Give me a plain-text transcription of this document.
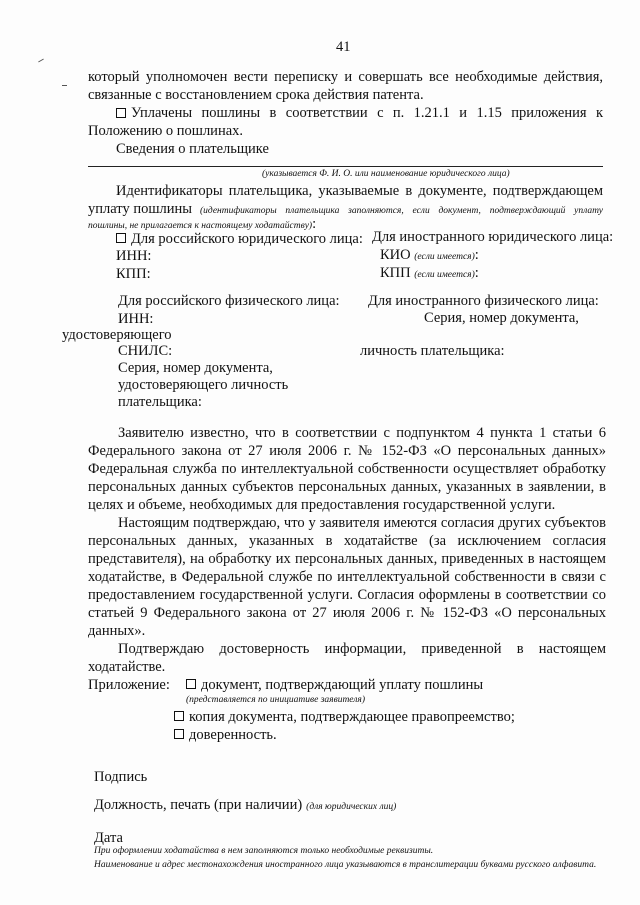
41
который уполномочен вести переписку и совершать все необходимые действия,
связанные с восстановлением срока действия патента.
Уплачены пошлины в соответствии с п. 1.21.1 и 1.15 приложения к
Положению о пошлинах.
Сведения о плательщике
(указывается Ф. И. О. или наименование юридического лица)
Идентификаторы плательщика, указываемые в документе, подтверждающем
уплату пошлины (идентификаторы плательщика заполняются, если документ, подтверждающий уплату
пошлины, не прилагается к настоящему ходатайству):
Для российского юридического лица:
ИНН:
КПП:
Для иностранного юридического лица:
КИО (если имеется):
КПП (если имеется):
Для российского физического лица:
ИНН:
удостоверяющего
СНИЛС:
Серия, номер документа,
удостоверяющего личность
плательщика:
Для иностранного физического лица:
Серия, номер документа,
личность плательщика:
Заявителю известно, что в соответствии с подпунктом 4 пункта 1 статьи 6
Федерального закона от 27 июля 2006 г. № 152-ФЗ «О персональных данных»
Федеральная служба по интеллектуальной собственности осуществляет обработку
персональных данных субъектов персональных данных, указанных в заявлении, в
целях и объеме, необходимых для предоставления государственной услуги.
Настоящим подтверждаю, что у заявителя имеются согласия других субъектов
персональных данных, указанных в ходатайстве (за исключением согласия
представителя), на обработку их персональных данных, приведенных в настоящем
ходатайстве, в Федеральной службе по интеллектуальной собственности в связи с
предоставлением государственной услуги. Согласия оформлены в соответствии со
статьей 9 Федерального закона от 27 июля 2006 г. № 152-ФЗ «О персональных
данных».
Подтверждаю достоверность информации, приведенной в настоящем
ходатайстве.
Приложение:	документ, подтверждающий уплату пошлины
(представляется по инициативе заявителя)
копия документа, подтверждающее правопреемство;
доверенность.
Подпись
Должность, печать (при наличии) (для юридических лиц)
Дата
При оформлении ходатайства в нем заполняются только необходимые реквизиты.
Наименование и адрес местонахождения иностранного лица указываются в транслитерации буквами русского алфавита.
